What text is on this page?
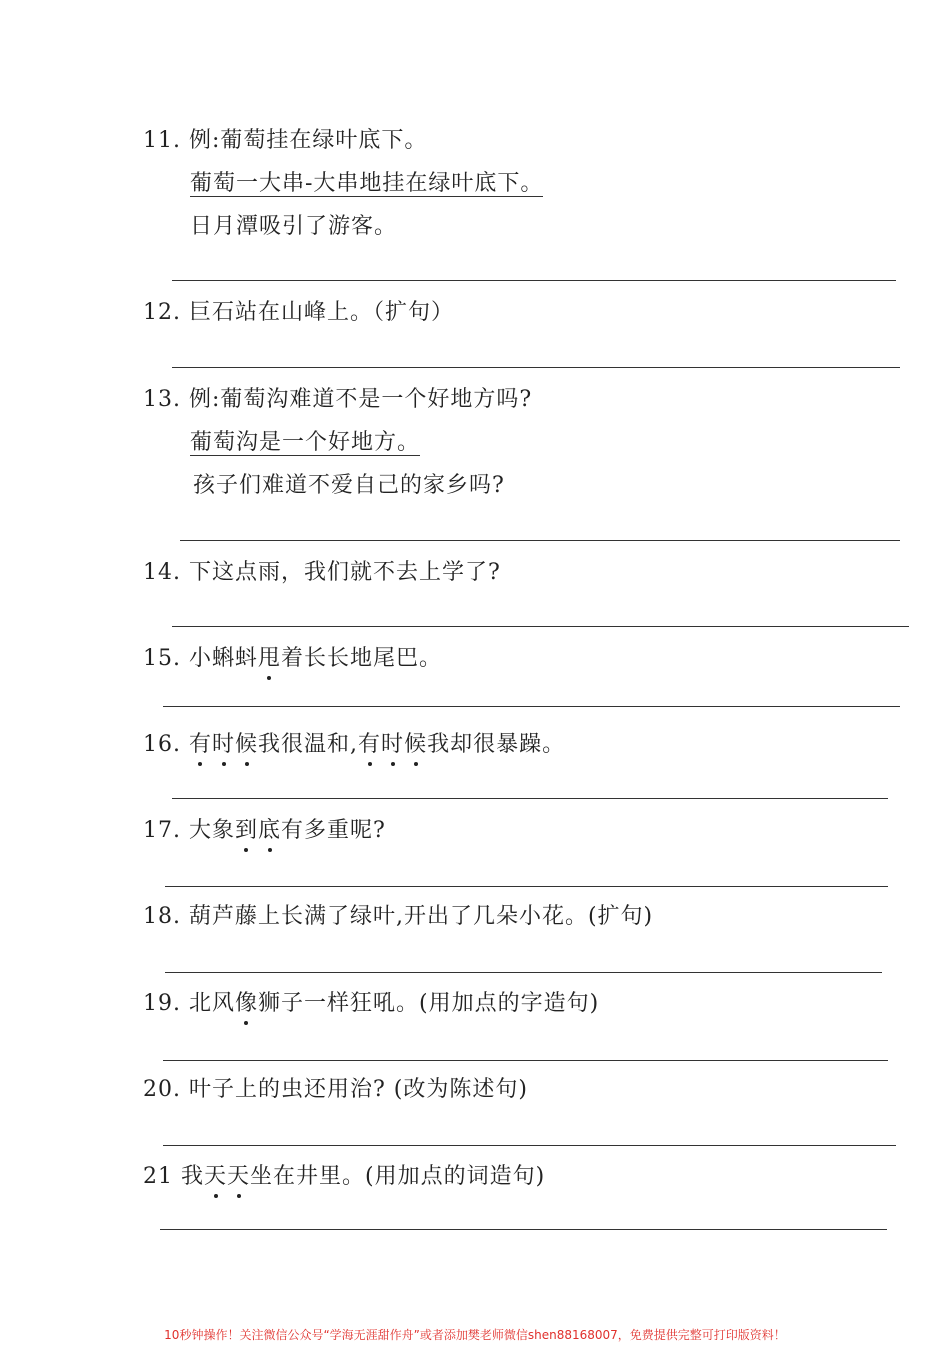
11. 例:葡萄挂在绿叶底下。
葡萄一大串-大串地挂在绿叶底下。
日月潭吸引了游客。
12. 巨石站在山峰上。（扩句）
13. 例:葡萄沟难道不是一个好地方吗?
葡萄沟是一个好地方。
孩子们难道不爱自己的家乡吗?
14. 下这点雨，我们就不去上学了?
15. 小蝌蚪甩着长长地尾巴。
16. 有时候我很温和,有时候我却很暴躁。
17. 大象到底有多重呢?
18. 葫芦藤上长满了绿叶,开出了几朵小花。(扩句)
19. 北风像狮子一样狂吼。(用加点的字造句)
20. 叶子上的虫还用治? (改为陈述句)
21 我天天坐在井里。(用加点的词造句)
10秒钟操作！关注微信公众号“学海无涯甜作舟”或者添加樊老师微信shen88168007，免费提供完整可打印版资料！
